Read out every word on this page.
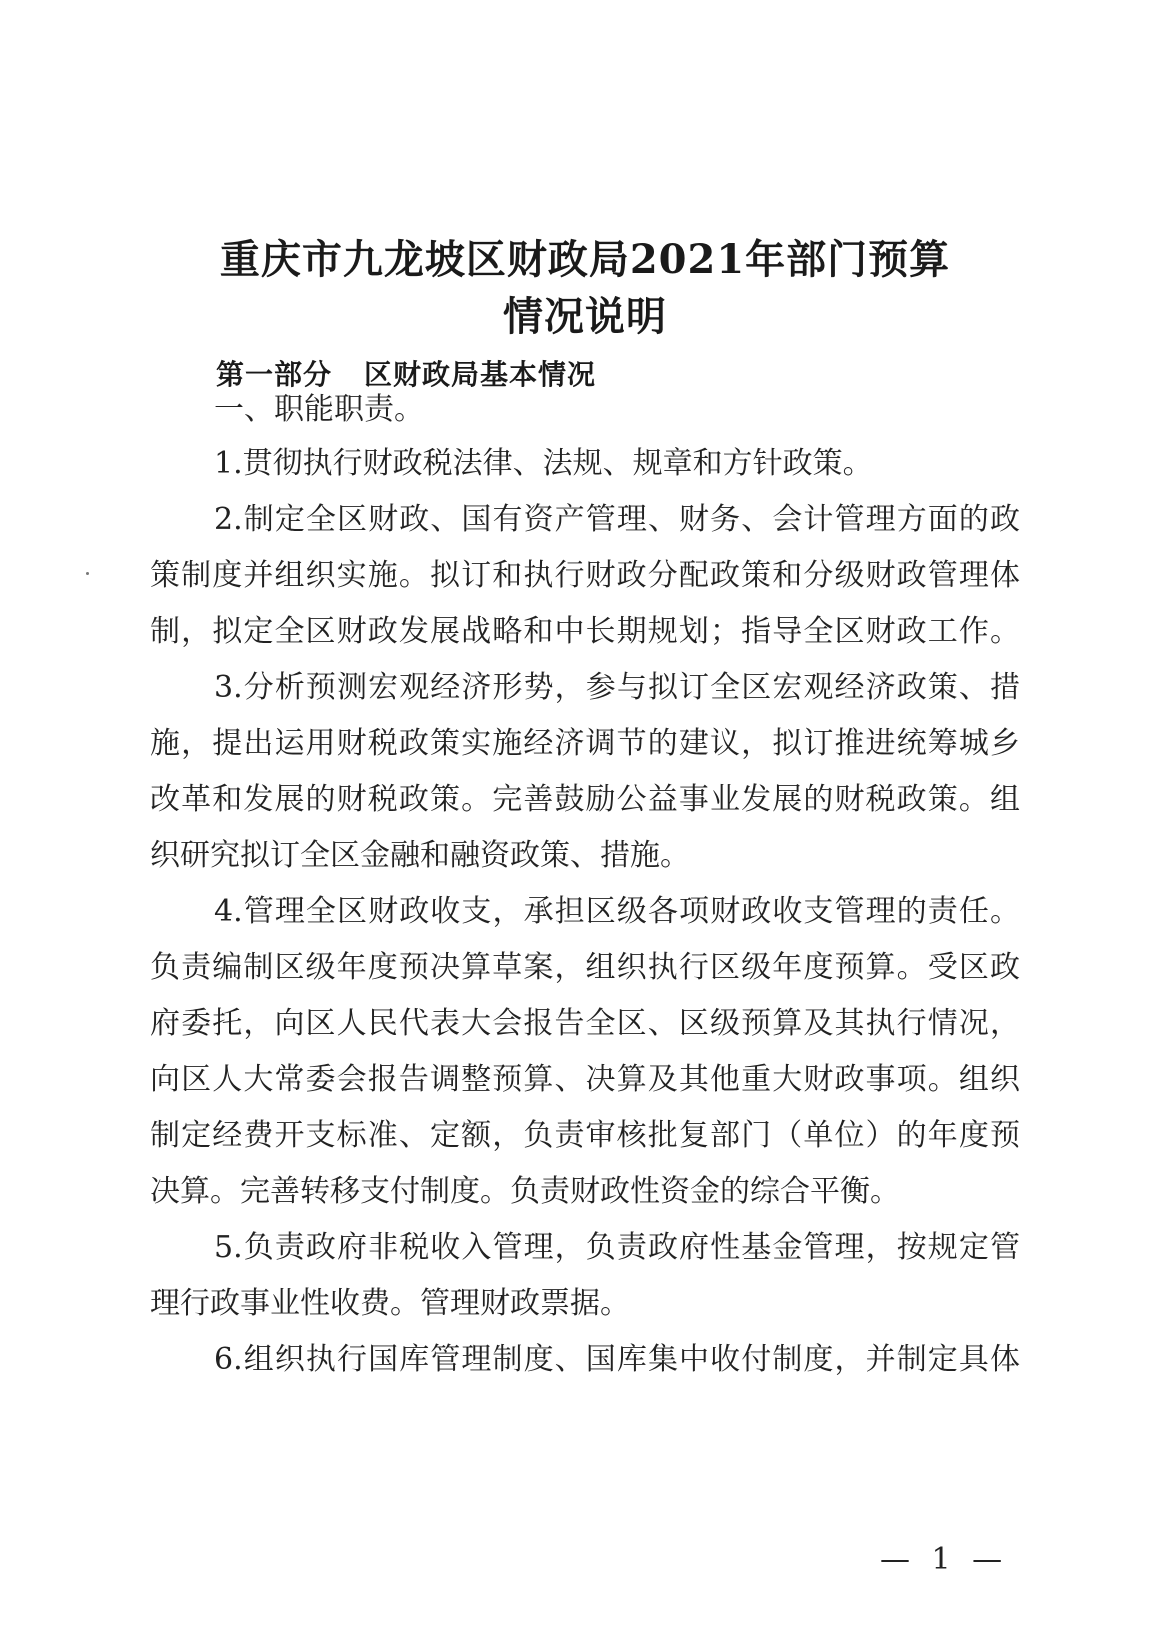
重庆市九龙坡区财政局2021年部门预算
情况说明
第一部分 区财政局基本情况
一、职能职责。
1.贯彻执行财政税法律、法规、规章和方针政策。
2.制定全区财政、国有资产管理、财务、会计管理方面的政
策制度并组织实施。拟订和执行财政分配政策和分级财政管理体
制，拟定全区财政发展战略和中长期规划；指导全区财政工作。
3.分析预测宏观经济形势，参与拟订全区宏观经济政策、措
施，提出运用财税政策实施经济调节的建议，拟订推进统筹城乡
改革和发展的财税政策。完善鼓励公益事业发展的财税政策。组
织研究拟订全区金融和融资政策、措施。
4.管理全区财政收支，承担区级各项财政收支管理的责任。
负责编制区级年度预决算草案，组织执行区级年度预算。受区政
府委托，向区人民代表大会报告全区、区级预算及其执行情况，
向区人大常委会报告调整预算、决算及其他重大财政事项。组织
制定经费开支标准、定额，负责审核批复部门（单位）的年度预
决算。完善转移支付制度。负责财政性资金的综合平衡。
5.负责政府非税收入管理，负责政府性基金管理，按规定管
理行政事业性收费。管理财政票据。
6.组织执行国库管理制度、国库集中收付制度，并制定具体
— 1 —
